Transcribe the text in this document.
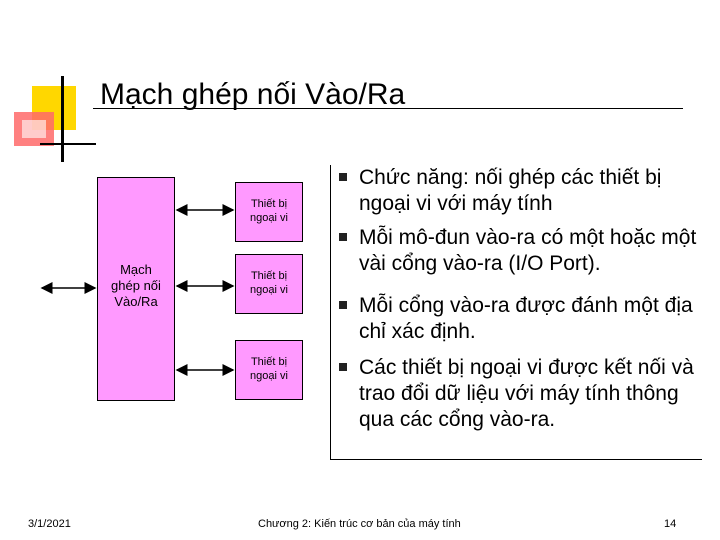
Mạch ghép nối Vào/Ra
Mạch
ghép nối
Vào/Ra
Thiết bị
ngoại vi
Thiết bị
ngoại vi
Thiết bị
ngoại vi
Chức năng: nối ghép các thiết bị ngoại vi với máy tính
Mỗi mô-đun vào-ra có một hoặc một vài cổng vào-ra (I/O Port).
Mỗi cổng vào-ra được đánh một địa chỉ xác định.
Các thiết bị ngoại vi được kết nối và trao đổi dữ liệu với máy tính thông qua các cổng vào-ra.
3/1/2021	Chương 2: Kiến trúc cơ bản của máy tính	14
